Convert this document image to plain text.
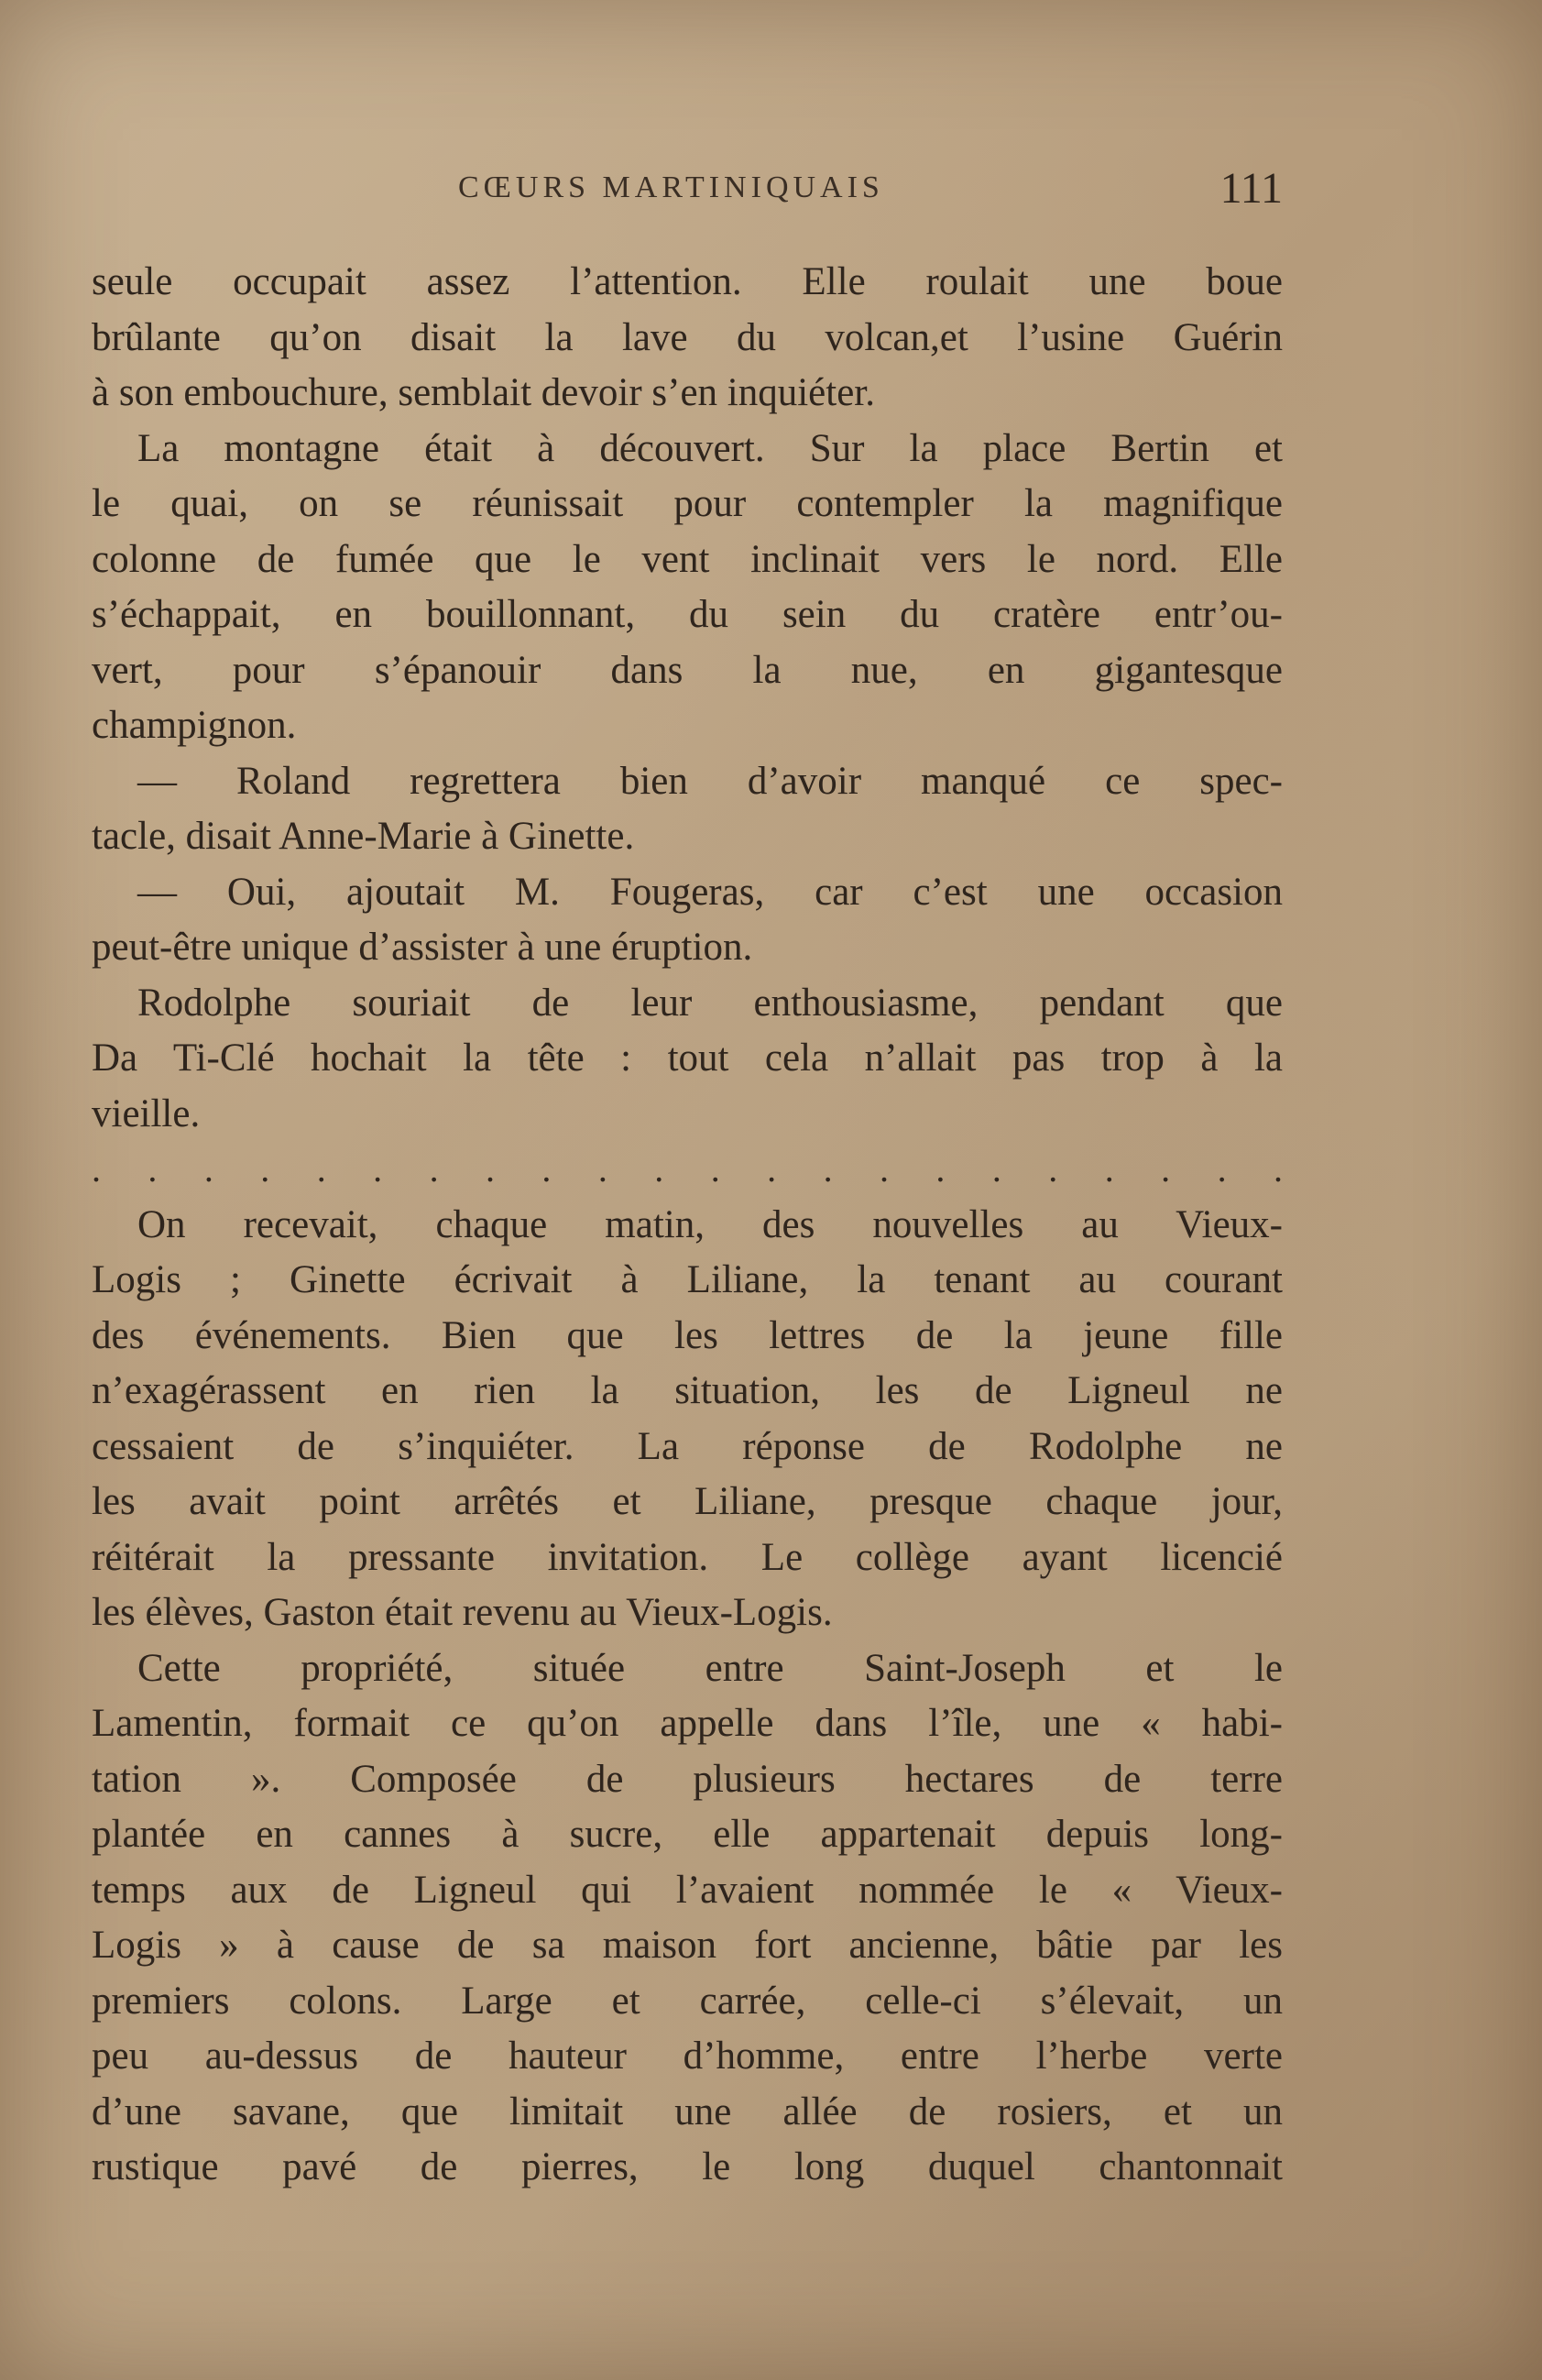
CŒURS MARTINIQUAIS	111
seule occupait assez l’attention. Elle roulait une boue
brûlante qu’on disait la lave du volcan,et l’usine Guérin
à son embouchure, semblait devoir s’en inquiéter.
La montagne était à découvert. Sur la place Bertin et
le quai, on se réunissait pour contempler la magnifique
colonne de fumée que le vent inclinait vers le nord. Elle
s’échappait, en bouillonnant, du sein du cratère entr’ou-
vert, pour s’épanouir dans la nue, en gigantesque
champignon.
— Roland regrettera bien d’avoir manqué ce spec-
tacle, disait Anne-Marie à Ginette.
— Oui, ajoutait M. Fougeras, car c’est une occasion
peut-être unique d’assister à une éruption.
Rodolphe souriait de leur enthousiasme, pendant que
Da Ti-Clé hochait la tête : tout cela n’allait pas trop à la
vieille.
. . . . . . . . . . . . . . . . . . . . . .
On recevait, chaque matin, des nouvelles au Vieux-
Logis ; Ginette écrivait à Liliane, la tenant au courant
des événements. Bien que les lettres de la jeune fille
n’exagérassent en rien la situation, les de Ligneul ne
cessaient de s’inquiéter. La réponse de Rodolphe ne
les avait point arrêtés et Liliane, presque chaque jour,
réitérait la pressante invitation. Le collège ayant licencié
les élèves, Gaston était revenu au Vieux-Logis.
Cette propriété, située entre Saint-Joseph et le
Lamentin, formait ce qu’on appelle dans l’île, une « habi-
tation ». Composée de plusieurs hectares de terre
plantée en cannes à sucre, elle appartenait depuis long-
temps aux de Ligneul qui l’avaient nommée le « Vieux-
Logis » à cause de sa maison fort ancienne, bâtie par les
premiers colons. Large et carrée, celle-ci s’élevait, un
peu au-dessus de hauteur d’homme, entre l’herbe verte
d’une savane, que limitait une allée de rosiers, et un
rustique pavé de pierres, le long duquel chantonnait
